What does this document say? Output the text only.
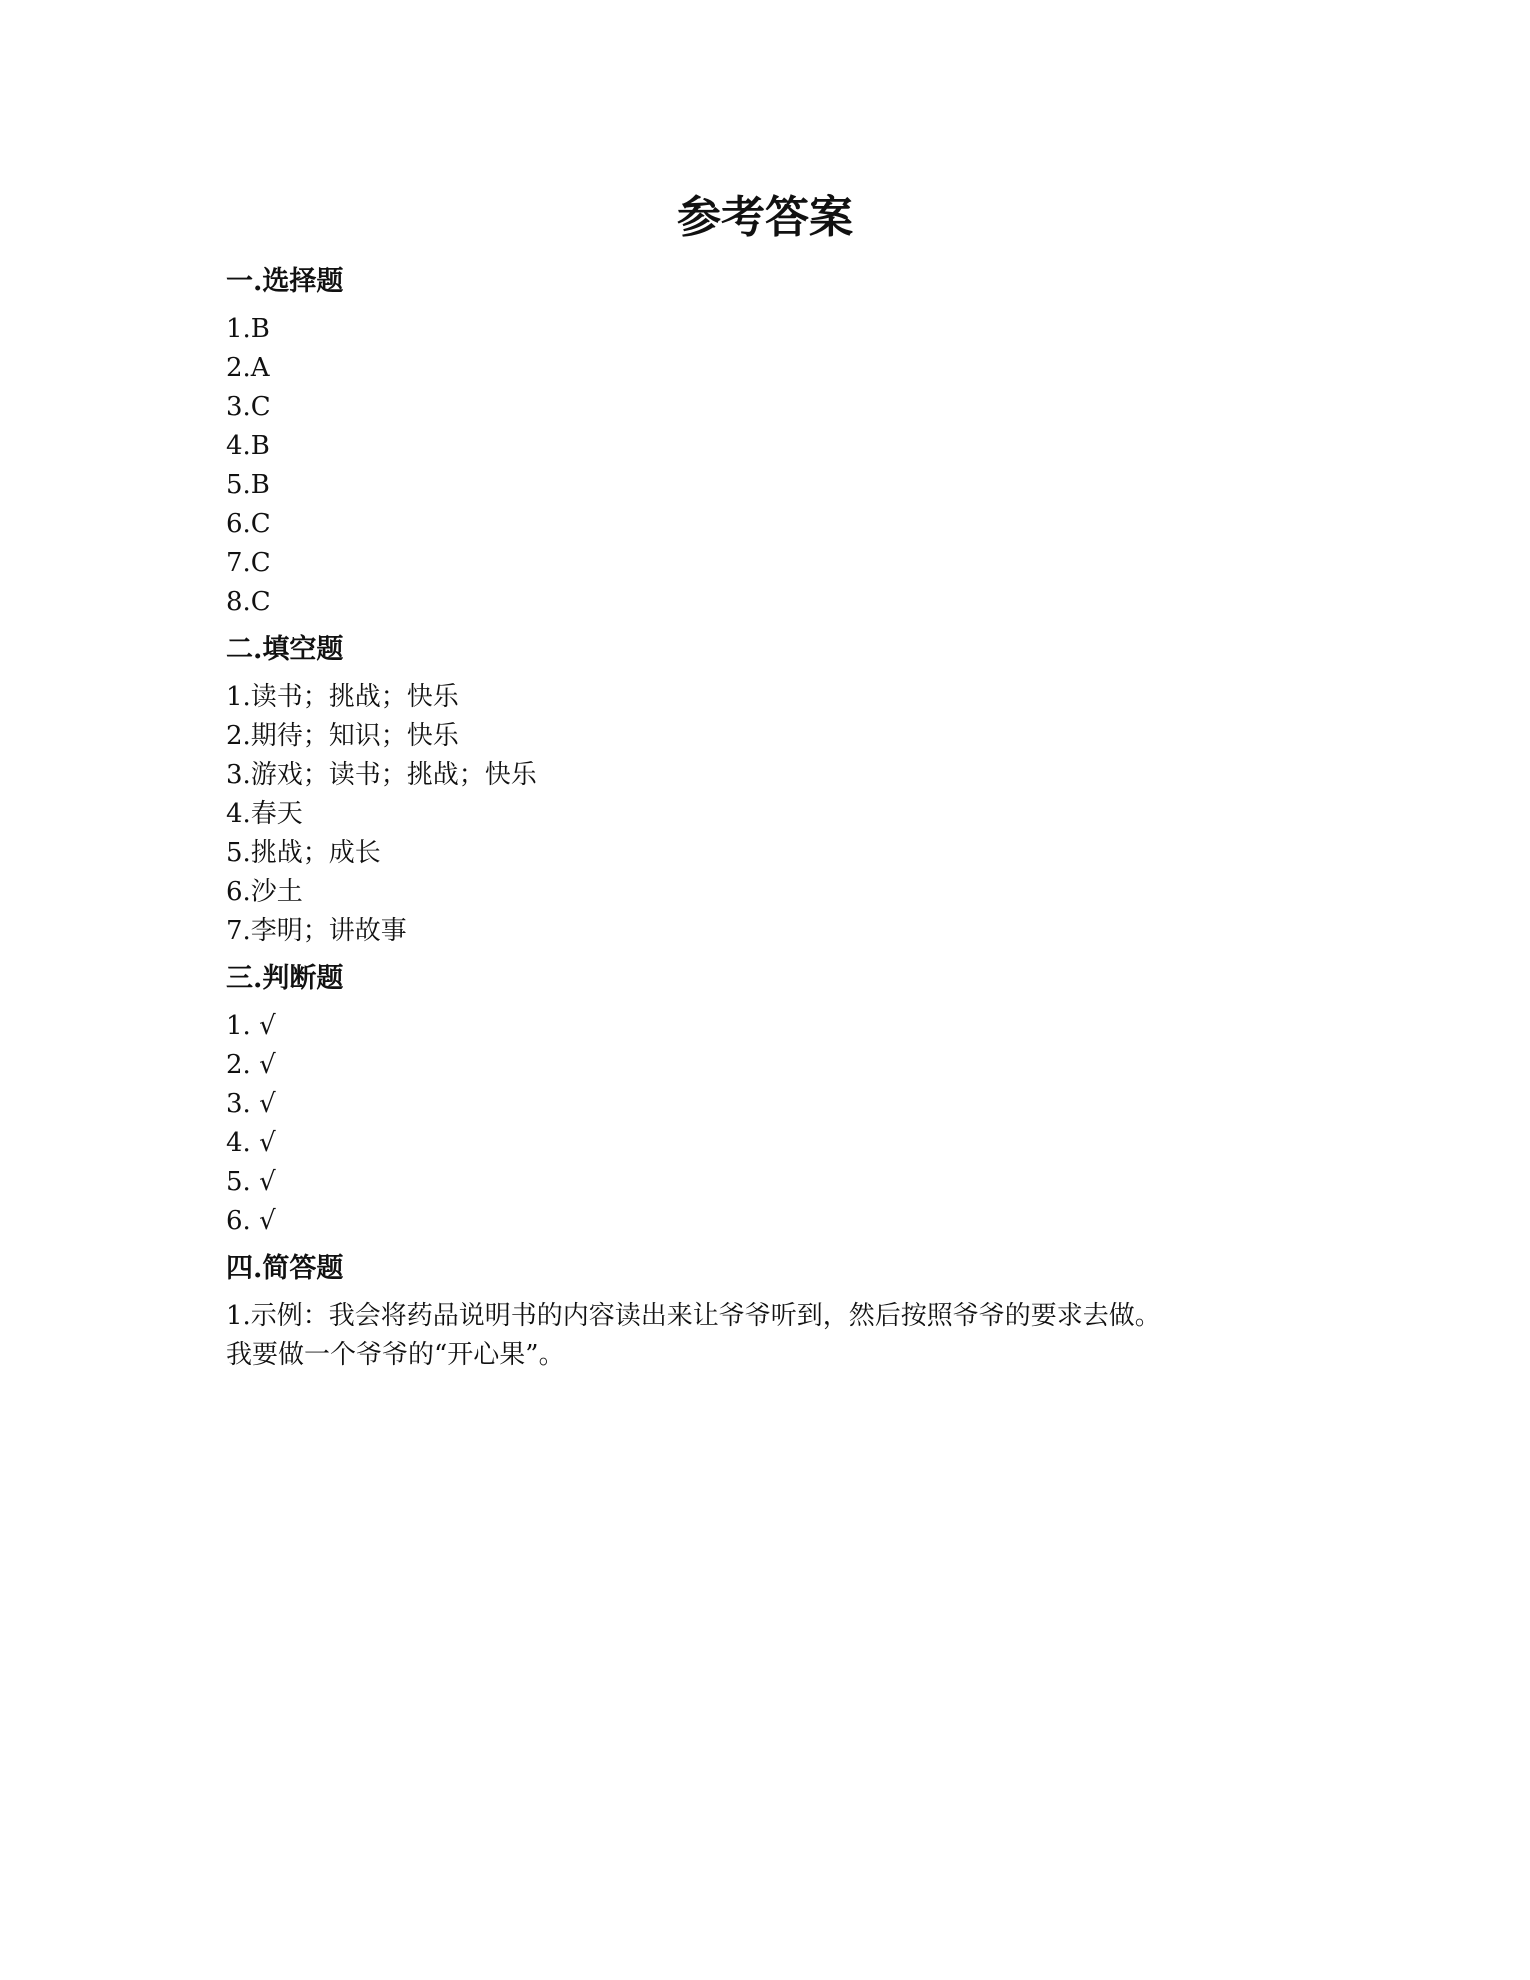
参考答案
一.选择题
1.B
2.A
3.C
4.B
5.B
6.C
7.C
8.C
二.填空题
1.读书；挑战；快乐
2.期待；知识；快乐
3.游戏；读书；挑战；快乐
4.春天
5.挑战；成长
6.沙土
7.李明；讲故事
三.判断题
1. √
2. √
3. √
4. √
5. √
6. √
四.简答题
1.示例：我会将药品说明书的内容读出来让爷爷听到，然后按照爷爷的要求去做。
我要做一个爷爷的“开心果”。
